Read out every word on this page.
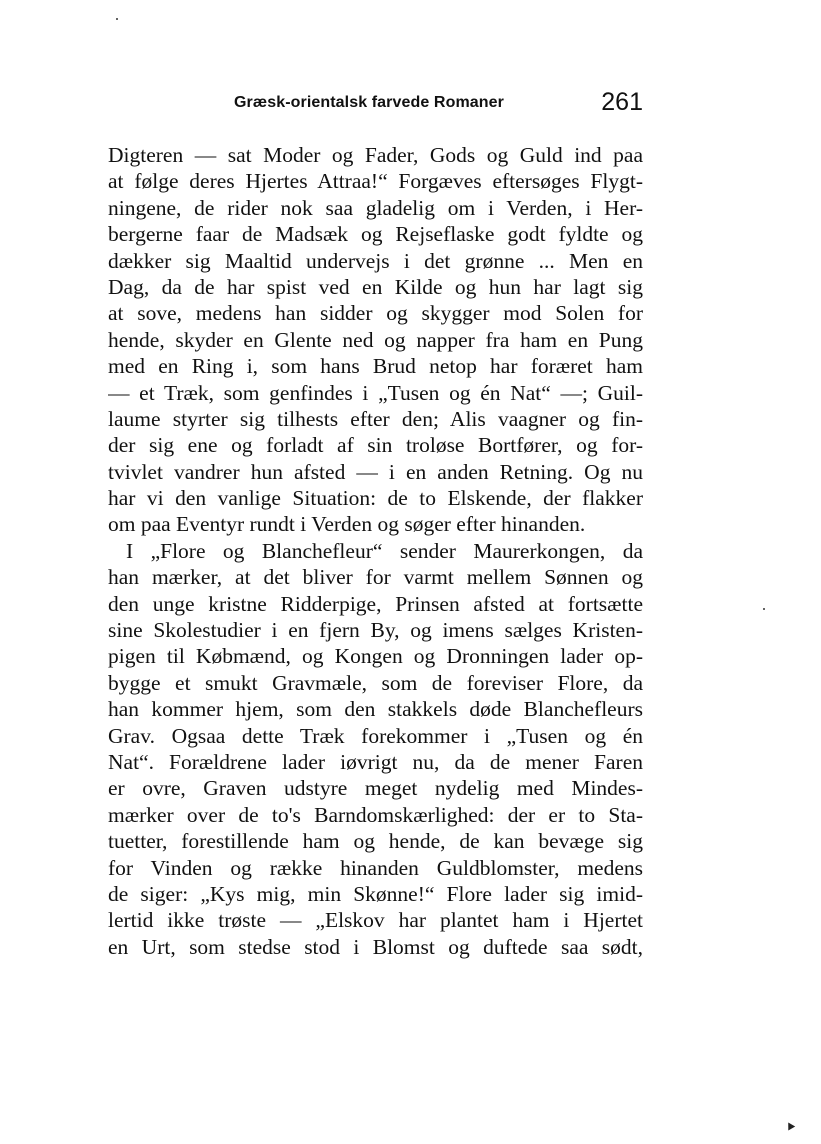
Græsk-orientalsk farvede Romaner	261
Digteren — sat Moder og Fader, Gods og Guld ind paa
at følge deres Hjertes Attraa!“ Forgæves eftersøges Flygt-
ningene, de rider nok saa gladelig om i Verden, i Her-
bergerne faar de Madsæk og Rejseflaske godt fyldte og
dækker sig Maaltid undervejs i det grønne ... Men en
Dag, da de har spist ved en Kilde og hun har lagt sig
at sove, medens han sidder og skygger mod Solen for
hende, skyder en Glente ned og napper fra ham en Pung
med en Ring i, som hans Brud netop har foræret ham
— et Træk, som genfindes i „Tusen og én Nat“ —; Guil-
laume styrter sig tilhests efter den; Alis vaagner og fin-
der sig ene og forladt af sin troløse Bortfører, og for-
tvivlet vandrer hun afsted — i en anden Retning. Og nu
har vi den vanlige Situation: de to Elskende, der flakker
om paa Eventyr rundt i Verden og søger efter hinanden.
I „Flore og Blanchefleur“ sender Maurerkongen, da
han mærker, at det bliver for varmt mellem Sønnen og
den unge kristne Ridderpige, Prinsen afsted at fortsætte
sine Skolestudier i en fjern By, og imens sælges Kristen-
pigen til Købmænd, og Kongen og Dronningen lader op-
bygge et smukt Gravmæle, som de foreviser Flore, da
han kommer hjem, som den stakkels døde Blanchefleurs
Grav. Ogsaa dette Træk forekommer i „Tusen og én
Nat“. Forældrene lader iøvrigt nu, da de mener Faren
er ovre, Graven udstyre meget nydelig med Mindes-
mærker over de to's Barndomskærlighed: der er to Sta-
tuetter, forestillende ham og hende, de kan bevæge sig
for Vinden og række hinanden Guldblomster, medens
de siger: „Kys mig, min Skønne!“ Flore lader sig imid-
lertid ikke trøste — „Elskov har plantet ham i Hjertet
en Urt, som stedse stod i Blomst og duftede saa sødt,
